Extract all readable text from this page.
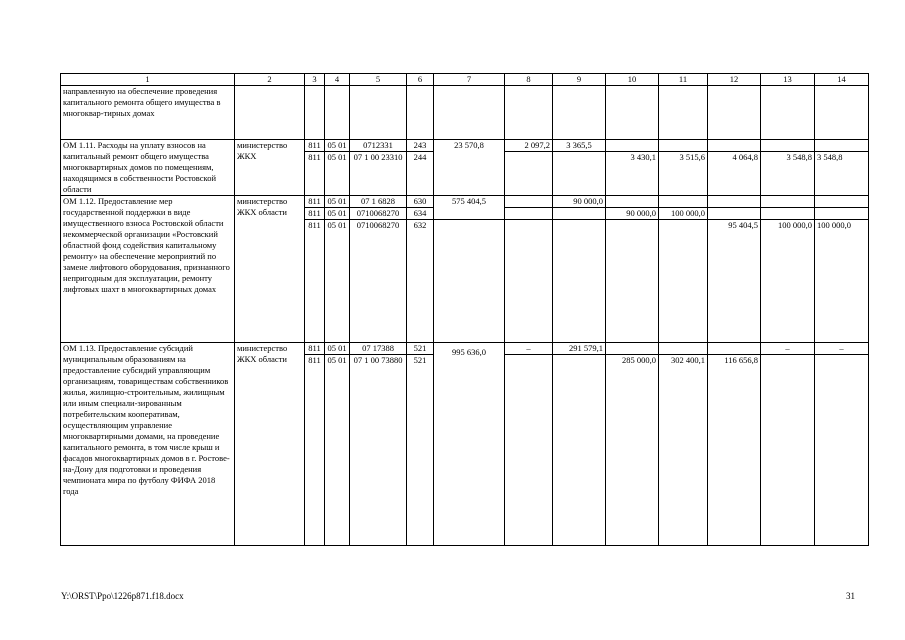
1	2	3	4	5	6	7	8	9	10	11	12	13	14
направленную на обеспечение проведения капитального ремонта общего имущества в многоквар-тирных домах													
ОМ 1.11. Расходы на уплату взносов на капитальный ремонт общего имущества многоквартирных домов по помещениям, находящимся в собственности Ростовской области	министерство ЖКХ	811	05 01	0712331	243	23 570,8	2 097,2	3 365,5					
		811	05 01	07 1 00 23310	244				3 430,1	3 515,6	4 064,8	3 548,8	3 548,8
ОМ 1.12. Предоставление мер государственной поддержки в виде имущественного взноса Ростовской области некоммерческой организации «Ростовский областной фонд содействия капитальному ремонту» на обеспечение мероприятий по замене лифтового оборудования, признанного непригодным для эксплуатации, ремонту лифтовых шахт в многоквартирных домах	министерство ЖКХ области	811	05 01	07 1 6828	630	575 404,5		90 000,0					
		811	05 01	0710068270	634				90 000,0	100 000,0			
		811	05 01	0710068270	632						95 404,5	100 000,0	100 000,0
ОМ 1.13. Предоставление субсидий муниципальным образованиям на предоставление субсидий управляющим организациям, товариществам собственников жилья, жилищно-строительным, жилищным или иным специали-зированным потребительским кооперативам, осуществляющим управление многоквартирными домами, на проведение капитального ремонта, в том числе крыш и фасадов многоквартирных домов в г. Ростове-на-Дону для подготовки и проведения чемпионата мира по футболу ФИФА 2018 года	министерство ЖКХ области	811	05 01	07 17388	521	995 636,0	–	291 579,1				–	–
		811	05 01	07 1 00 73880	521				285 000,0	302 400,1	116 656,8		
Y:\ORST\Ppo\1226p871.f18.docx	31
